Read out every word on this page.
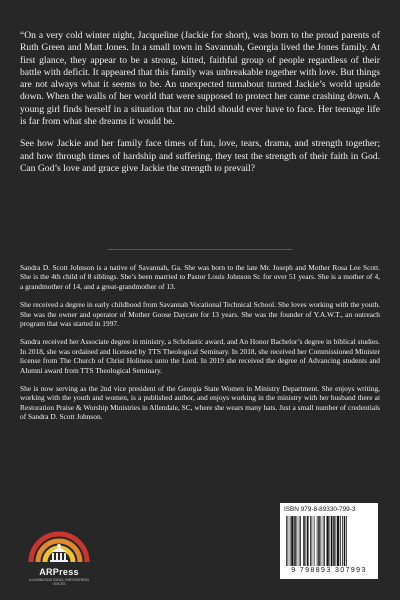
“On a very cold winter night, Jacqueline (Jackie for short), was born to the proud parents of Ruth Green and Matt Jones. In a small town in Savannah, Georgia lived the Jones family. At first glance, they appear to be a strong, kitted, faithful group of people regardless of their battle with deficit. It appeared that this family was unbreakable together with love. But things are not always what it seems to be. An unexpected turnabout turned Jackie’s world upside down. When the walls of her world that were supposed to protect her came crashing down. A young girl finds herself in a situation that no child should ever have to face. Her teenage life is far from what she dreams it would be.

See how Jackie and her family face times of fun, love, tears, drama, and strength together; and how through times of hardship and suffering, they test the strength of their faith in God. Can God’s love and grace give Jackie the strength to prevail?

Sandra D. Scott Johnson is a native of Savannah, Ga. She was born to the late Mr. Joseph and Mother Rosa Lee Scott. She is the 4th child of 8 siblings. She’s been married to Pastor Louis Johnson Sr. for over 51 years. She is a mother of 4, a grandmother of 14, and a great-grandmother of 13.

She received a degree in early childhood from Savannah Vocational Technical School. She loves working with the youth. She was the owner and operator of Mother Goose Daycare for 13 years. She was the founder of Y.A.W.T., an outreach program that was started in 1997.

Sandra received her Associate degree in ministry, a Scholastic award, and An Honor Bachelor’s degree in biblical studies. In 2018, she was ordained and licensed by TTS Theological Seminary. In 2018, she received her Commissioned Minister license from The Church of Christ Holiness unto the Lord. In 2019 she received the degree of Advancing students and Alumni award from TTS Theological Seminary.

She is now serving as the 2nd vice president of the Georgia State Women in Ministry Department. She enjoys writing, working with the youth and women, is a published author, and enjoys working in the ministry with her husband there at Restoration Praise & Worship Ministries in Allendale, SC, where she wears many hats. Just a small number of credentials of Sandra D. Scott Johnson.

ARPress
ILLUMINATING IDEAS, EMPOWERING VOICES
ISBN 979-8-89330-799-3
9 798893 307993
